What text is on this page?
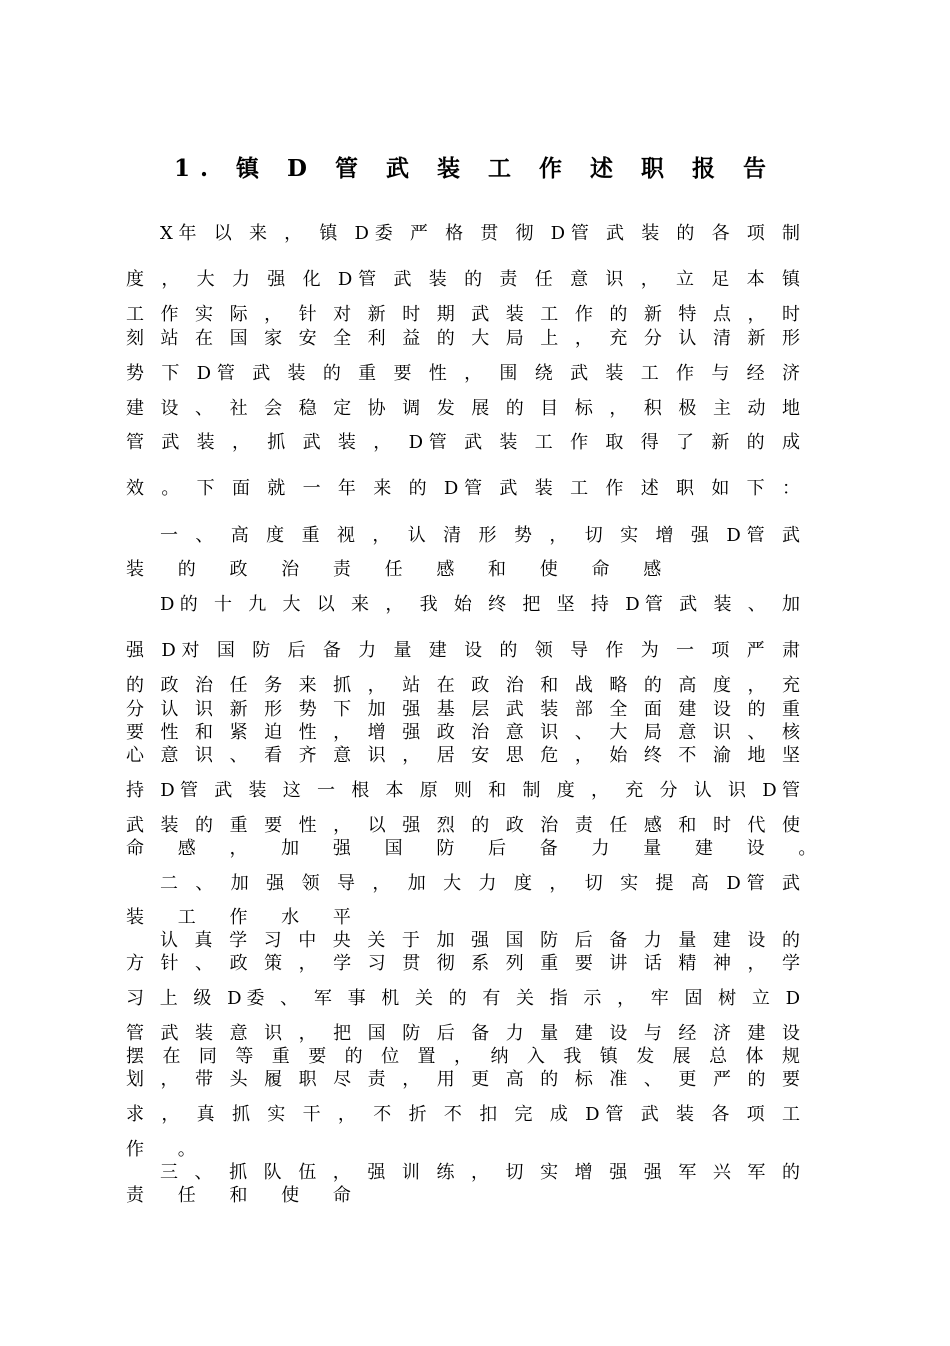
1. 镇 D 管 武 装 工 作 述 职 报 告
X年 以 来 ， 镇 D委 严 格 贯 彻 D管 武 装 的 各 项 制
度 ， 大 力 强 化 D管 武 装 的 责 任 意 识 ， 立 足 本 镇
工 作 实 际 ， 针 对 新 时 期 武 装 工 作 的 新 特 点 ， 时
刻 站 在 国 家 安 全 利 益 的 大 局 上 ， 充 分 认 清 新 形
势 下 D管 武 装 的 重 要 性 ， 围 绕 武 装 工 作 与 经 济
建 设 、 社 会 稳 定 协 调 发 展 的 目 标 ， 积 极 主 动 地
管 武 装 ， 抓 武 装 ， D管 武 装 工 作 取 得 了 新 的 成
效 。 下 面 就 一 年 来 的 D管 武 装 工 作 述 职 如 下 ：
一 、 高 度 重 视 ， 认 清 形 势 ， 切 实 增 强 D管 武
装 的 政 治 责 任 感 和 使 命 感
D的 十 九 大 以 来 ， 我 始 终 把 坚 持 D管 武 装 、 加
强 D对 国 防 后 备 力 量 建 设 的 领 导 作 为 一 项 严 肃
的 政 治 任 务 来 抓 ， 站 在 政 治 和 战 略 的 高 度 ， 充
分 认 识 新 形 势 下 加 强 基 层 武 装 部 全 面 建 设 的 重
要 性 和 紧 迫 性 ， 增 强 政 治 意 识 、 大 局 意 识 、 核
心 意 识 、 看 齐 意 识 ， 居 安 思 危 ， 始 终 不 渝 地 坚
持 D管 武 装 这 一 根 本 原 则 和 制 度 ， 充 分 认 识 D管
武 装 的 重 要 性 ， 以 强 烈 的 政 治 责 任 感 和 时 代 使
命 感 ， 加 强 国 防 后 备 力 量 建 设 。
二 、 加 强 领 导 ， 加 大 力 度 ， 切 实 提 高 D管 武
装 工 作 水 平
认 真 学 习 中 央 关 于 加 强 国 防 后 备 力 量 建 设 的
方 针 、 政 策 ， 学 习 贯 彻 系 列 重 要 讲 话 精 神 ， 学
习 上 级 D委 、 军 事 机 关 的 有 关 指 示 ， 牢 固 树 立 D
管 武 装 意 识 ， 把 国 防 后 备 力 量 建 设 与 经 济 建 设
摆 在 同 等 重 要 的 位 置 ， 纳 入 我 镇 发 展 总 体 规
划 ， 带 头 履 职 尽 责 ， 用 更 高 的 标 准 、 更 严 的 要
求 ， 真 抓 实 干 ， 不 折 不 扣 完 成 D管 武 装 各 项 工
作 。
三 、 抓 队 伍 ， 强 训 练 ， 切 实 增 强 强 军 兴 军 的
责 任 和 使 命
